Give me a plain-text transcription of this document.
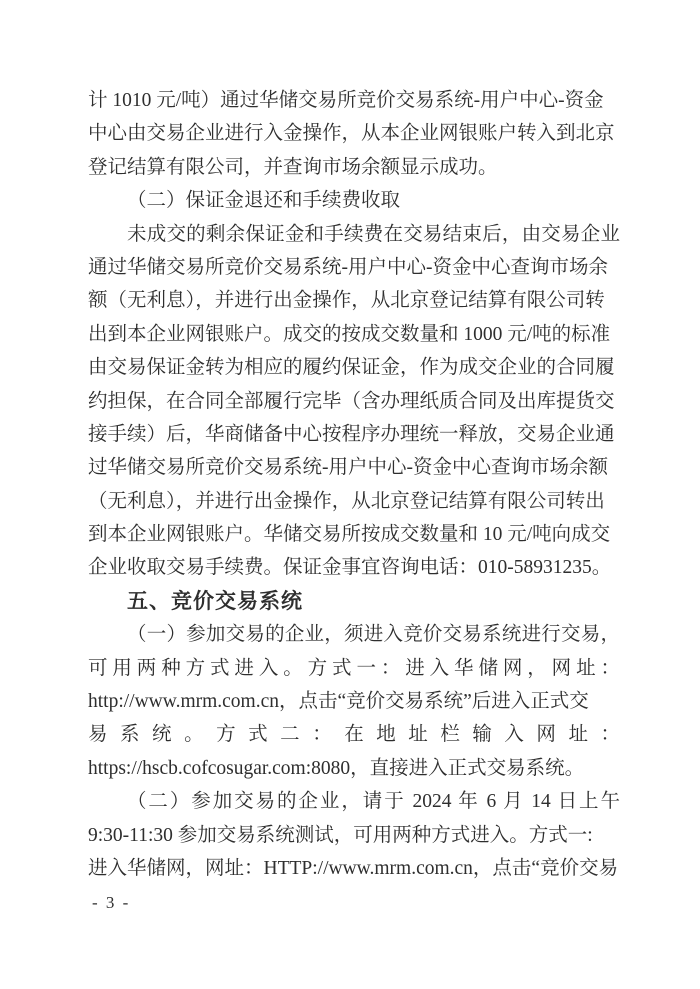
计 1010 元/吨）通过华储交易所竞价交易系统-用户中心-资金
中心由交易企业进行入金操作，从本企业网银账户转入到北京
登记结算有限公司，并查询市场余额显示成功。
（二）保证金退还和手续费收取
未成交的剩余保证金和手续费在交易结束后，由交易企业
通过华储交易所竞价交易系统-用户中心-资金中心查询市场余
额（无利息），并进行出金操作，从北京登记结算有限公司转
出到本企业网银账户。成交的按成交数量和 1000 元/吨的标准
由交易保证金转为相应的履约保证金，作为成交企业的合同履
约担保，在合同全部履行完毕（含办理纸质合同及出库提货交
接手续）后，华商储备中心按程序办理统一释放，交易企业通
过华储交易所竞价交易系统-用户中心-资金中心查询市场余额
（无利息），并进行出金操作，从北京登记结算有限公司转出
到本企业网银账户。华储交易所按成交数量和 10 元/吨向成交
企业收取交易手续费。保证金事宜咨询电话：010-58931235。
五、竞价交易系统
（一）参加交易的企业，须进入竞价交易系统进行交易，
可用两种方式进入。方式一：进入华储网，网址：
http://www.mrm.com.cn，点击“竞价交易系统”后进入正式交
易系统。方式二：在地址栏输入网址：
https://hscb.cofcosugar.com:8080，直接进入正式交易系统。
（二）参加交易的企业，请于 2024 年 6 月 14 日上午
9:30-11:30 参加交易系统测试，可用两种方式进入。方式一:
进入华储网，网址：HTTP://www.mrm.com.cn，点击“竞价交易
- 3 -
